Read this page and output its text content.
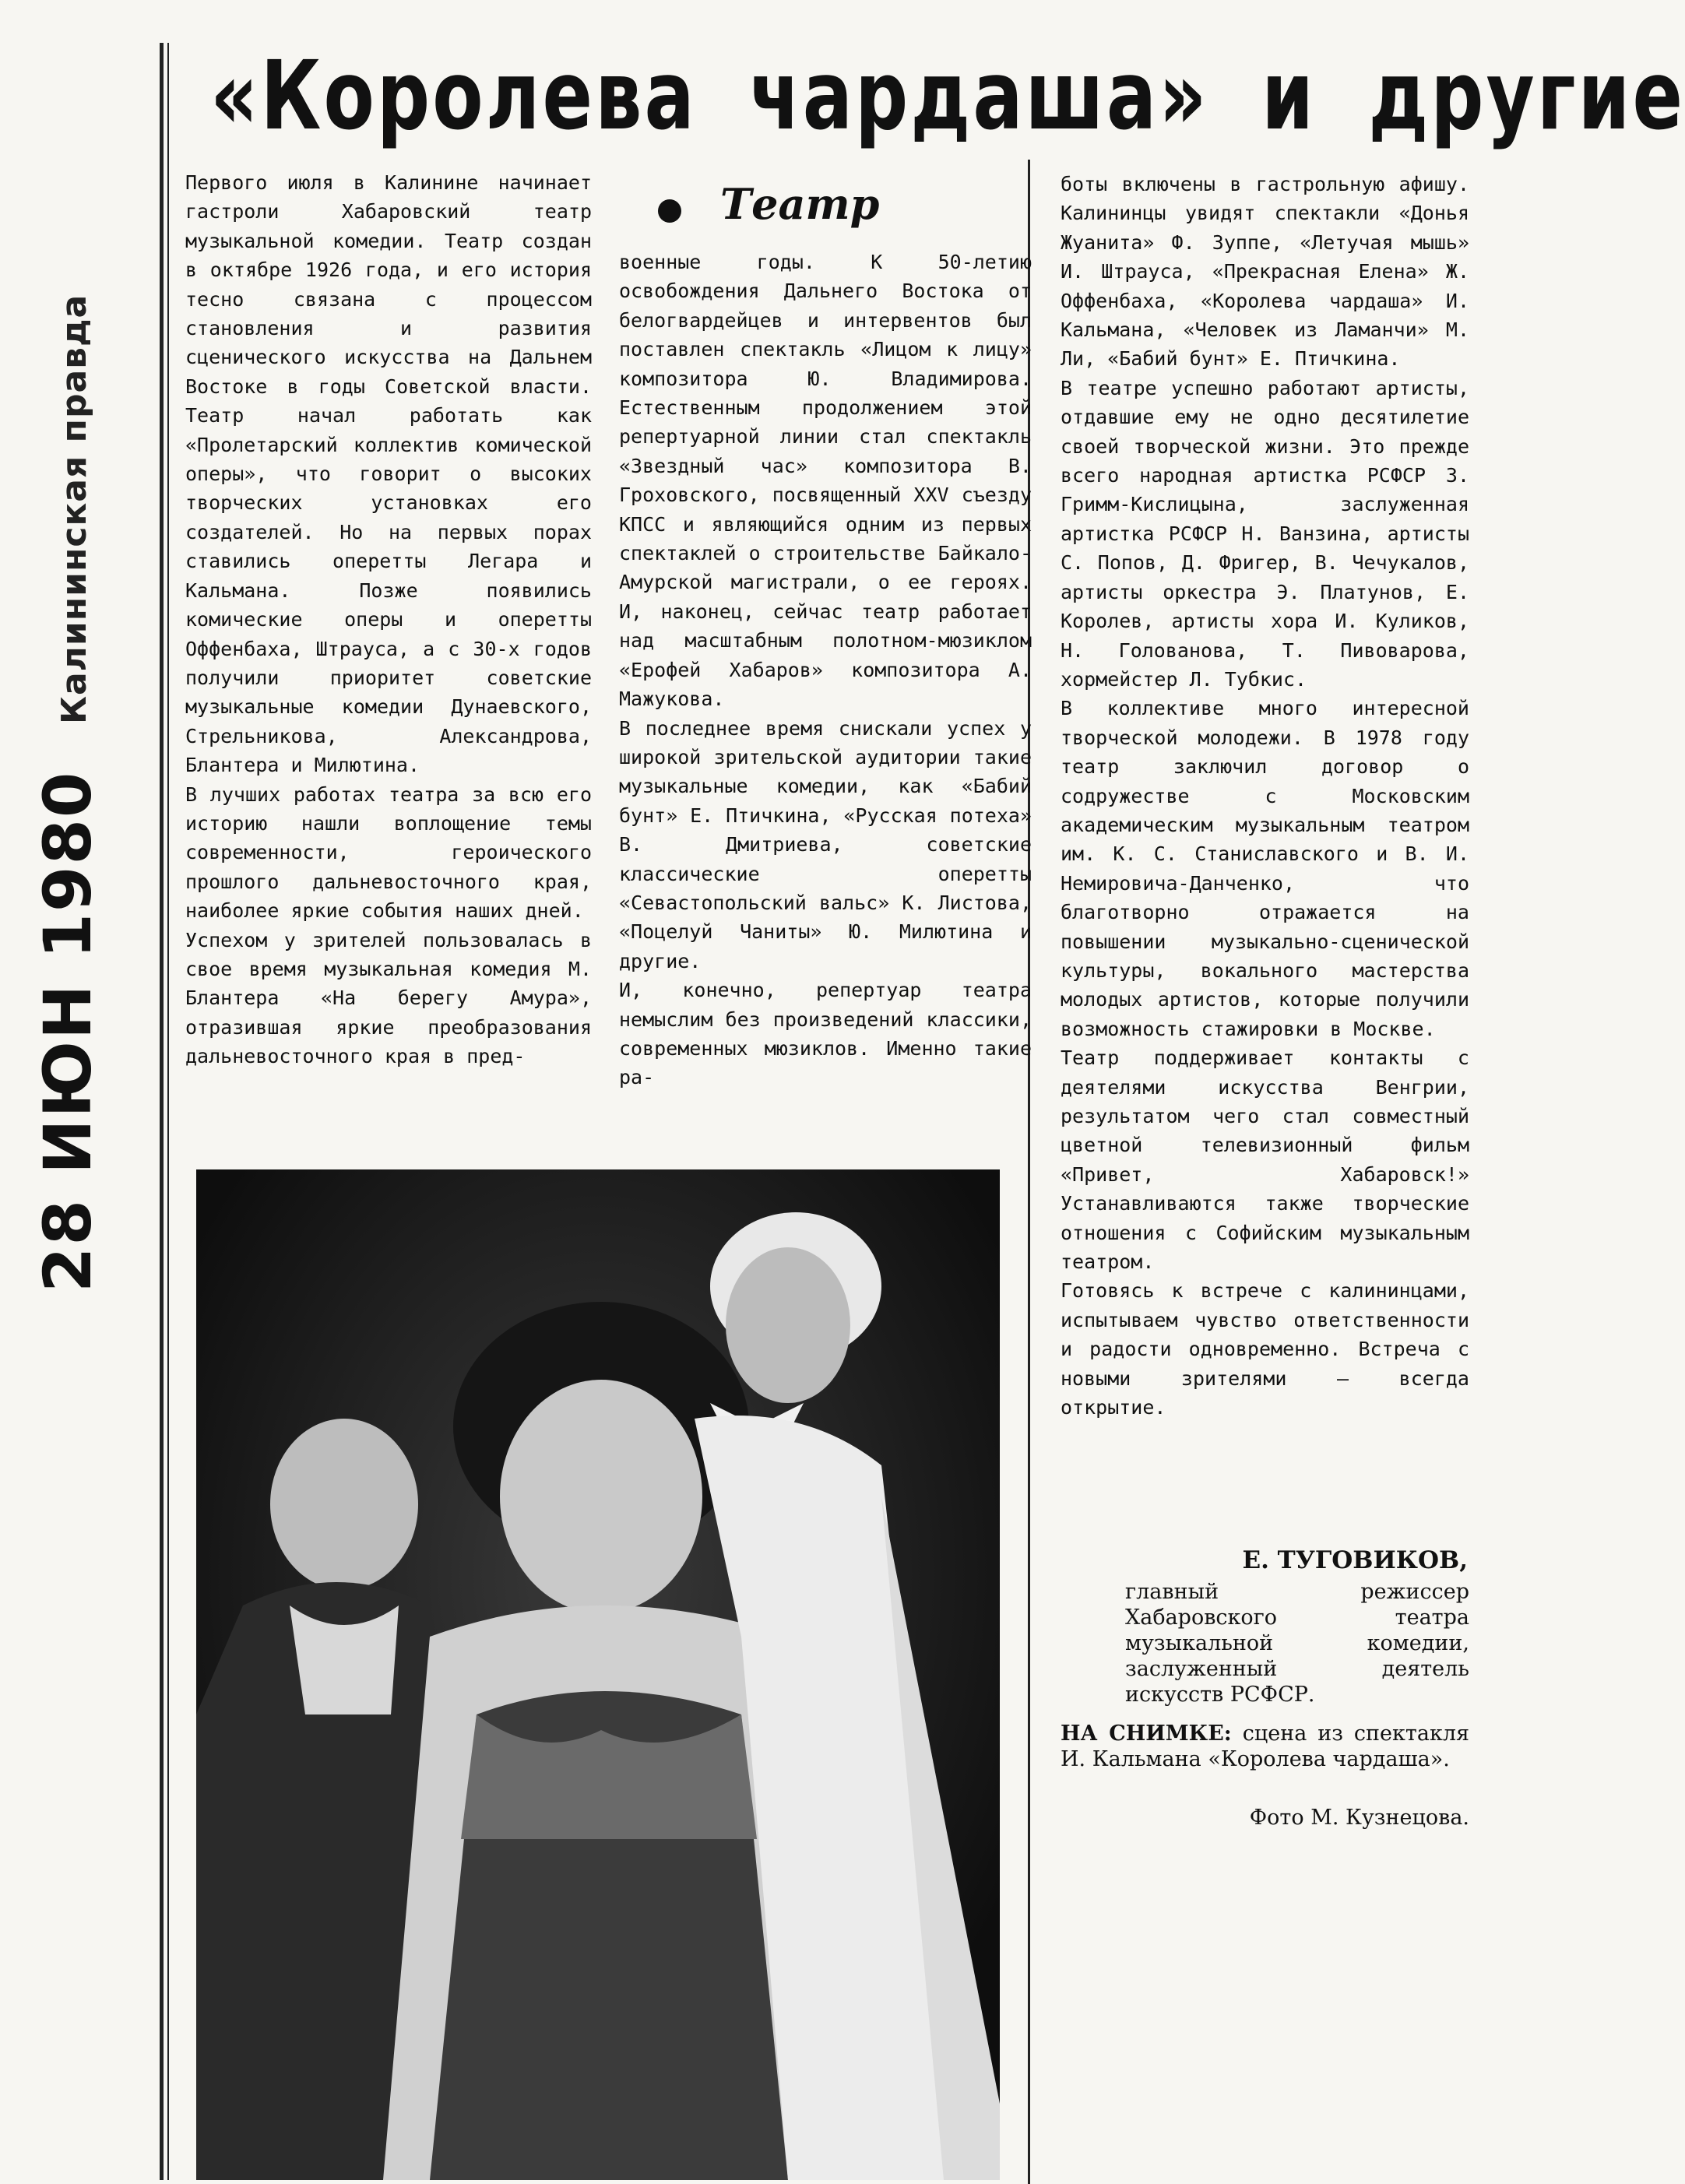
Калининская правда
28 ИЮН 1980
«Королева чардаша» и другие
Театр
Первого июля в Калинине начинает гастроли Хабаровский театр музыкальной комедии. Театр создан в октябре 1926 года, и его история тесно связана с процессом становления и развития сценического искусства на Дальнем Востоке в годы Советской власти. Театр начал работать как «Пролетарский коллектив комической оперы», что говорит о высоких творческих установках его создателей. Но на первых порах ставились оперетты Легара и Кальмана. Позже появились комические оперы и оперетты Оффенбаха, Штрауса, а с 30-х годов получили приоритет советские музыкальные комедии Дунаевского, Стрельникова, Александрова, Блантера и Милютина.
В лучших работах театра за всю его историю нашли воплощение темы современности, героического прошлого дальневосточного края, наиболее яркие события наших дней.
Успехом у зрителей пользовалась в свое время музыкальная комедия М. Блантера «На берегу Амура», отразившая яркие преобразования дальневосточного края в пред-
военные годы. К 50-летию освобождения Дальнего Востока от белогвардейцев и интервентов был поставлен спектакль «Лицом к лицу» композитора Ю. Владимирова. Естественным продолжением этой репертуарной линии стал спектакль «Звездный час» композитора В. Гроховского, посвященный XXV съезду КПСС и являющийся одним из первых спектаклей о строительстве Байкало-Амурской магистрали, о ее героях. И, наконец, сейчас театр работает над масштабным полотном-мюзиклом «Ерофей Хабаров» композитора А. Мажукова.
В последнее время снискали успех у широкой зрительской аудитории такие музыкальные комедии, как «Бабий бунт» Е. Птичкина, «Русская потеха» В. Дмитриева, советские классические оперетты «Севастопольский вальс» К. Листова, «Поцелуй Чаниты» Ю. Милютина и другие.
И, конечно, репертуар театра немыслим без произведений классики, современных мюзиклов. Именно такие ра-
боты включены в гастрольную афишу. Калининцы увидят спектакли «Донья Жуанита» Ф. Зуппе, «Летучая мышь» И. Штрауса, «Прекрасная Елена» Ж. Оффенбаха, «Королева чардаша» И. Кальмана, «Человек из Ламанчи» М. Ли, «Бабий бунт» Е. Птичкина.
В театре успешно работают артисты, отдавшие ему не одно десятилетие своей творческой жизни. Это прежде всего народная артистка РСФСР З. Гримм-Кислицына, заслуженная артистка РСФСР Н. Ванзина, артисты С. Попов, Д. Фригер, В. Чечукалов, артисты оркестра Э. Платунов, Е. Королев, артисты хора И. Куликов, Н. Голованова, Т. Пивоварова, хормейстер Л. Тубкис.
В коллективе много интересной творческой молодежи. В 1978 году театр заключил договор о содружестве с Московским академическим музыкальным театром им. К. С. Станиславского и В. И. Немировича-Данченко, что благотворно отражается на повышении музыкально-сценической культуры, вокального мастерства молодых артистов, которые получили возможность стажировки в Москве.
Театр поддерживает контакты с деятелями искусства Венгрии, результатом чего стал совместный цветной телевизионный фильм «Привет, Хабаровск!» Устанавливаются также творческие отношения с Софийским музыкальным театром.
Готовясь к встрече с калининцами, испытываем чувство ответственности и радости одновременно. Встреча с новыми зрителями — всегда открытие.
Е. ТУГОВИКОВ,
главный режиссер Хабаровского театра музыкальной комедии, заслуженный деятель искусств РСФСР.
НА СНИМКЕ: сцена из спектакля И. Кальмана «Королева чардаша».
Фото М. Кузнецова.
